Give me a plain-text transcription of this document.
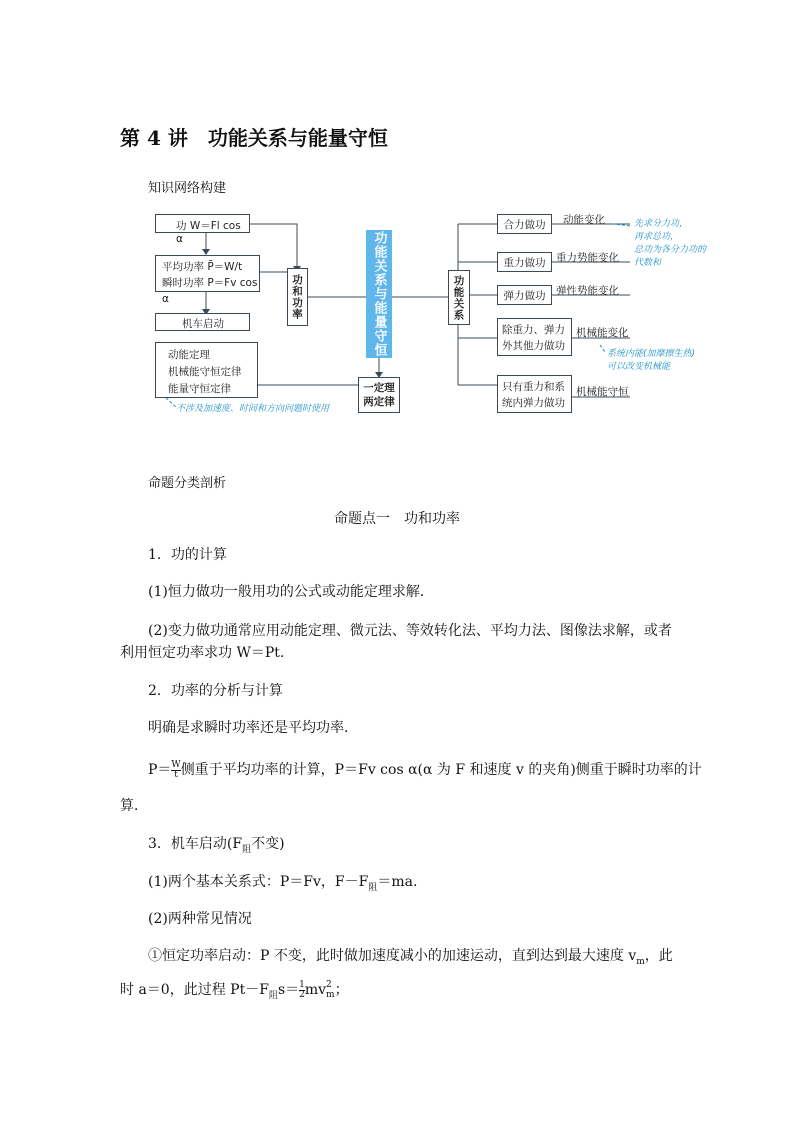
第 4 讲　功能关系与能量守恒
知识网络构建
功 W＝Fl cos α
平均功率 P̄＝W/t
瞬时功率 P＝Fv cos α
机车启动
动能定理
机械能守恒定律
能量守恒定律
不涉及加速度、时间和方向问题时使用
功和功率	功能关系与能量守恒
一定理两定律
功能关系
合力做功
重力做功
弹力做功
除重力、弹力
外其他力做功
只有重力和系
统内弹力做功
动能变化
重力势能变化
弹性势能变化
机械能变化
机械能守恒
先求分力功，
再求总功，
总功为各分力功的
代数和
系统内能(加摩擦生热)
可以改变机械能
命题分类剖析
命题点一　功和功率
1．功的计算
(1)恒力做功一般用功的公式或动能定理求解．
(2)变力做功通常应用动能定理、微元法、等效转化法、平均力法、图像法求解，或者
利用恒定功率求功 W＝Pt.
2．功率的分析与计算
明确是求瞬时功率还是平均功率．
$P= \frac{W}{t}$ 侧重于平均功率的计算，P＝Fv cos α(α 为 F 和速度 v 的夹角)侧重于瞬时功率的计
算．
3．机车启动($F_阻$不变)
(1)两个基本关系式：P＝Fv，$F-F_阻=ma$.
(2)两种常见情况
①恒定功率启动：P 不变，此时做加速度减小的加速运动，直到达到最大速度 $v_m$，此
时 a＝0，此过程 $Pt-F_阻s= \frac{1}{2}$ mv 2
m ；
